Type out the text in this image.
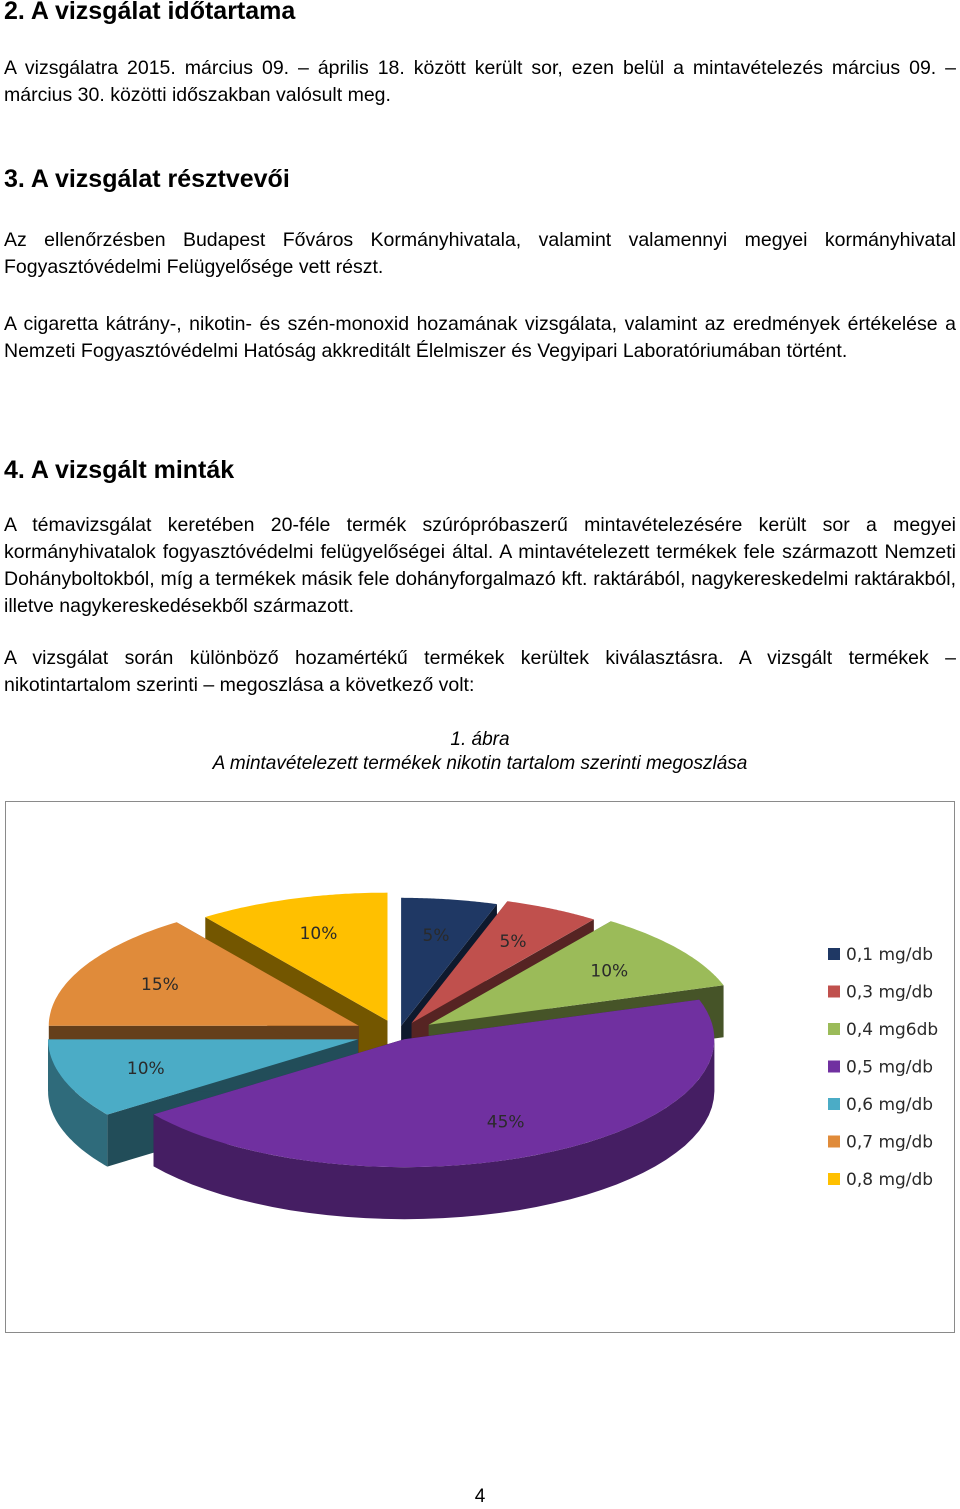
2. A vizsgálat időtartama

A vizsgálatra 2015. március 09. – április 18. között került sor, ezen belül a mintavételezés március 09. – március 30. közötti időszakban valósult meg.

3. A vizsgálat résztvevői

Az ellenőrzésben Budapest Főváros Kormányhivatala, valamint valamennyi megyei kormányhivatal Fogyasztóvédelmi Felügyelősége vett részt.

A cigaretta kátrány-, nikotin- és szén-monoxid hozamának vizsgálata, valamint az eredmények értékelése a Nemzeti Fogyasztóvédelmi Hatóság akkreditált Élelmiszer és Vegyipari Laboratóriumában történt.

4. A vizsgált minták

A témavizsgálat keretében 20-féle termék szúrópróbaszerű mintavételezésére került sor a megyei kormányhivatalok fogyasztóvédelmi felügyelőségei által. A mintavételezett termékek fele származott Nemzeti Dohányboltokból, míg a termékek másik fele dohányforgalmazó kft. raktárából, nagykereskedelmi raktárakból, illetve nagykereskedésekből származott.

A vizsgálat során különböző hozamértékű termékek kerültek kiválasztásra. A vizsgált termékek – nikotintartalom szerinti – megoszlása a következő volt:

1. ábra
A mintavételezett termékek nikotin tartalom szerinti megoszlása
5%	5%
10%
45%
10%
15%
10%
0,1 mg/db
0,3 mg/db
0,4 mg6db
0,5 mg/db
0,6 mg/db
0,7 mg/db
0,8 mg/db
4
